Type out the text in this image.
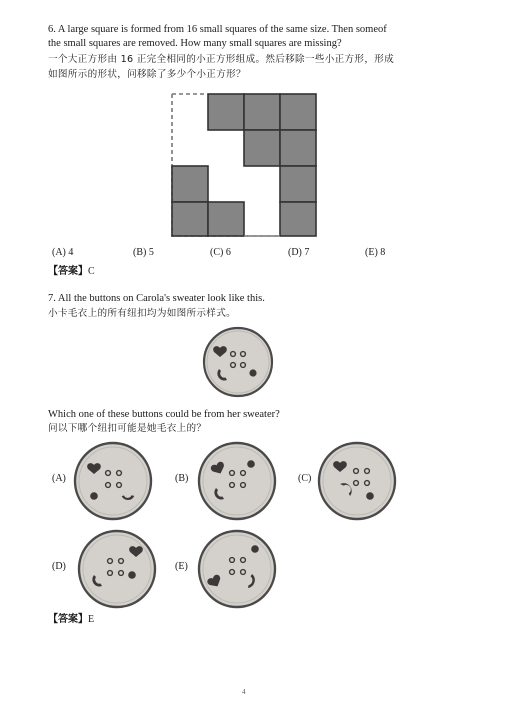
6. A large square is formed from 16 small squares of the same size. Then someof
the small squares are removed. How many small squares are missing?
一个大正方形由 16 正完全相同的小正方形组成。然后移除一些小正方形，形成
如图所示的形状，问移除了多少个小正方形？
(A) 4	(B) 5	(C) 6	(D) 7	(E) 8
【答案】C
7. All the buttons on Carola's sweater look like this.
小卡毛衣上的所有纽扣均为如图所示样式。
Which one of these buttons could be from her sweater?
问以下哪个纽扣可能是她毛衣上的？
(A)	(B)	(C)
(D)	(E)
【答案】E
4
